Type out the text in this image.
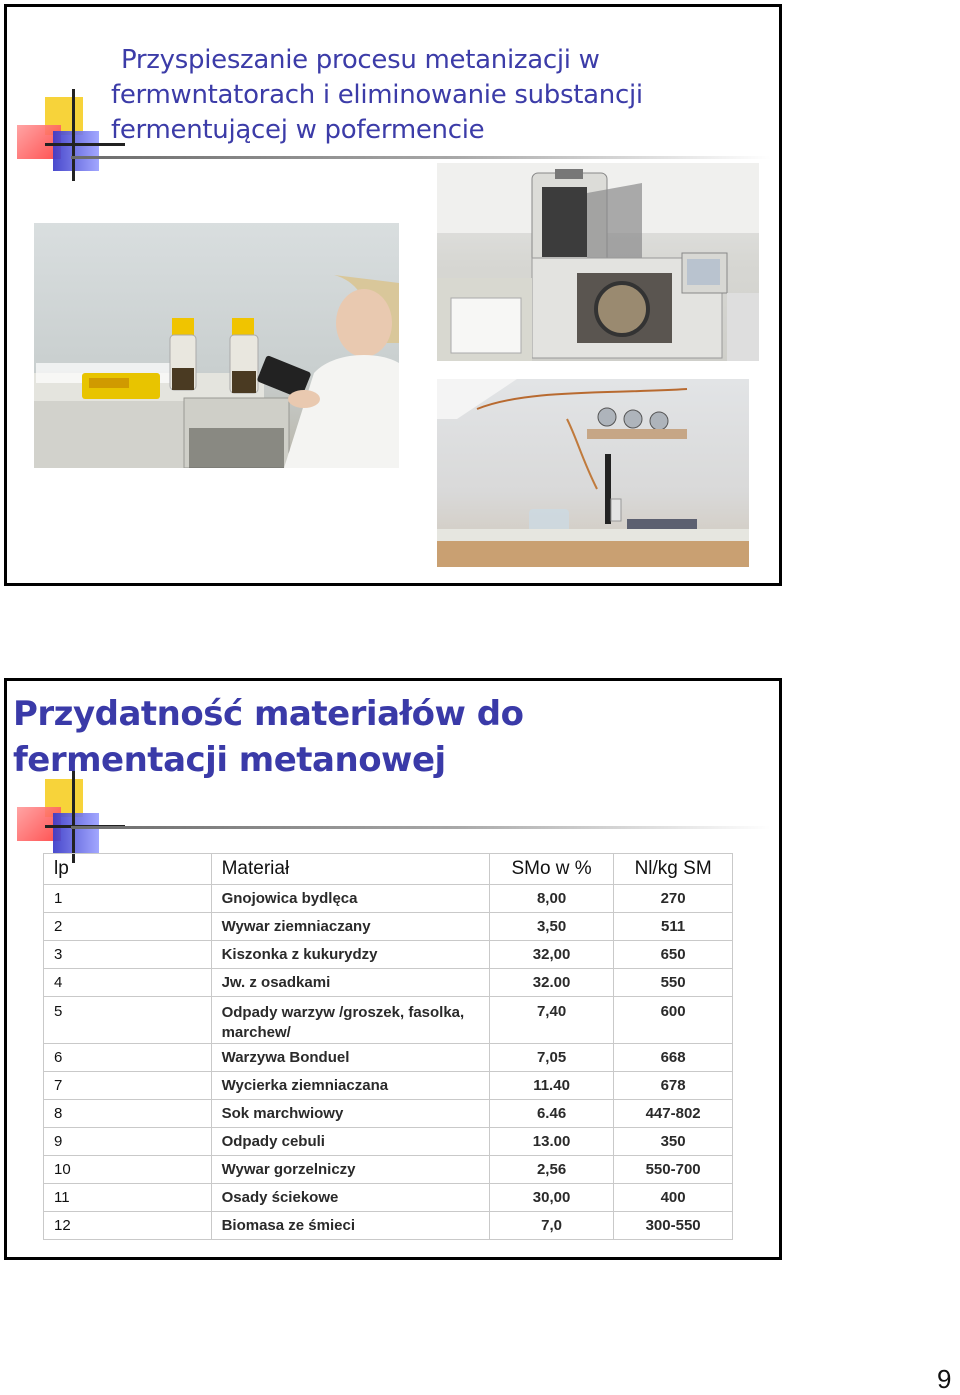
Przyspieszanie procesu metanizacji w
fermwntatorach i eliminowanie substancji
fermentującej w pofermencie
Przydatność materiałów do
fermentacji metanowej
lp	Materiał	SMo w %	Nl/kg SM
1	Gnojowica bydlęca	8,00	270
2	Wywar ziemniaczany	3,50	511
3	Kiszonka z kukurydzy	32,00	650
4	Jw. z osadkami	32.00	550
5	Odpady warzyw /groszek, fasolka, marchew/	7,40	600
6	Warzywa Bonduel	7,05	668
7	Wycierka ziemniaczana	11.40	678
8	Sok marchwiowy	6.46	447-802
9	Odpady cebuli	13.00	350
10	Wywar gorzelniczy	2,56	550-700
11	Osady ściekowe	30,00	400
12	Biomasa ze śmieci	7,0	300-550
9
